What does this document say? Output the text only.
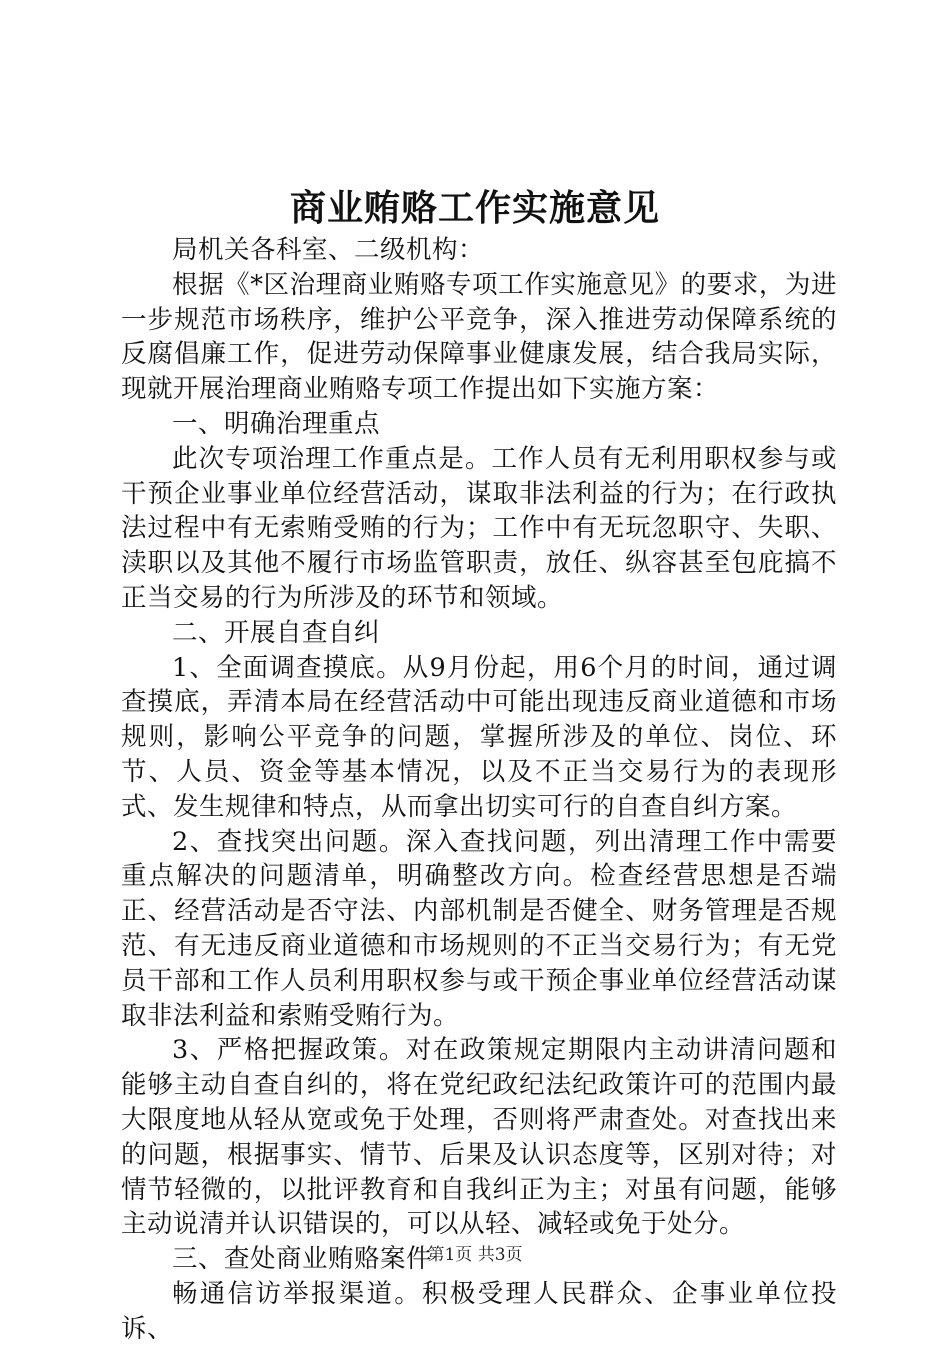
商业贿赂工作实施意见

局机关各科室、二级机构：

根据《*区治理商业贿赂专项工作实施意见》的要求，为进一步规范市场秩序，维护公平竞争，深入推进劳动保障系统的反腐倡廉工作，促进劳动保障事业健康发展，结合我局实际，现就开展治理商业贿赂专项工作提出如下实施方案：

一、明确治理重点

此次专项治理工作重点是。工作人员有无利用职权参与或干预企业事业单位经营活动，谋取非法利益的行为；在行政执法过程中有无索贿受贿的行为；工作中有无玩忽职守、失职、渎职以及其他不履行市场监管职责，放任、纵容甚至包庇搞不正当交易的行为所涉及的环节和领域。

二、开展自查自纠

1、全面调查摸底。从9月份起，用6个月的时间，通过调查摸底，弄清本局在经营活动中可能出现违反商业道德和市场规则，影响公平竞争的问题，掌握所涉及的单位、岗位、环节、人员、资金等基本情况，以及不正当交易行为的表现形式、发生规律和特点，从而拿出切实可行的自查自纠方案。

2、查找突出问题。深入查找问题，列出清理工作中需要重点解决的问题清单，明确整改方向。检查经营思想是否端正、经营活动是否守法、内部机制是否健全、财务管理是否规范、有无违反商业道德和市场规则的不正当交易行为；有无党员干部和工作人员利用职权参与或干预企事业单位经营活动谋取非法利益和索贿受贿行为。

3、严格把握政策。对在政策规定期限内主动讲清问题和能够主动自查自纠的，将在党纪政纪法纪政策许可的范围内最大限度地从轻从宽或免于处理，否则将严肃查处。对查找出来的问题，根据事实、情节、后果及认识态度等，区别对待；对情节轻微的，以批评教育和自我纠正为主；对虽有问题，能够主动说清并认识错误的，可以从轻、减轻或免于处分。

三、查处商业贿赂案件

畅通信访举报渠道。积极受理人民群众、企事业单位投诉、

第1页 共3页
